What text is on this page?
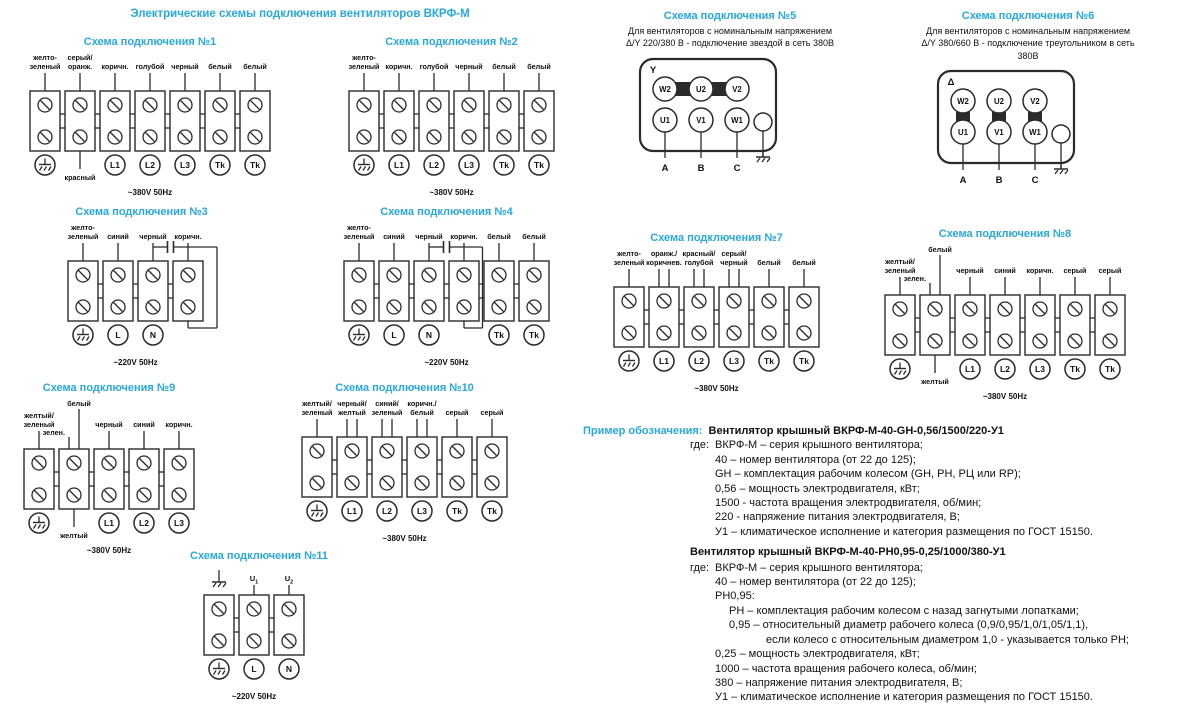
Электрические схемы подключения вентиляторов ВКРФ-М
Схема подключения №1
желто-
зеленый
серый/
оранж.
красный
коричн.
L1
голубой
L2
черный
L3
белый
Tk
белый
Tk
~380V 50Hz
Схема подключения №2
желто-
зеленый коричн.
L1
голубой
L2
черный
L3
белый
Tk
белый
Tk
~380V 50Hz
Схема подключения №3
желто-
зеленый синий
L
черный
N
коричн.
~220V 50Hz
Схема подключения №4
желто-
зеленый синий
L
черный
N
коричн. белый
Tk
белый
Tk
~220V 50Hz
Схема подключения №5
Для вентиляторов с номинальным напряжением Δ/Y 220/380 В - подключение звездой в сеть 380В
Y
W2	U2	V2
U1
A
V1
B
W1
C
Схема подключения №6
Для вентиляторов с номинальным напряжением Δ/Y 380/660 В - подключение треугольником в сеть 380В
Δ
W2	U2	V2
U1
A
V1
B
W1
C
Схема подключения №7
желто-
зеленый
оранж./
коричнев.
L1
красный/
голубой
L2
серый/
черный
L3
белый
Tk
белый
Tk
~380V 50Hz
Схема подключения №8
желтый/
зеленый
зелен.
белый
желтый
черный
L1
синий
L2
коричн.
L3
серый
Tk
серый
Tk
~380V 50Hz
Схема подключения №9
желтый/
зеленый
зелен.
белый
желтый
черный
L1
синий
L2
коричн.
L3
~380V 50Hz
Схема подключения №10
желтый/
зеленый
черный/
желтый
L1
синий/
зеленый
L2
коричн./
белый
L3
серый
Tk
серый
Tk
~380V 50Hz
Схема подключения №11
$U_1$
L
$U_2$
N
~220V 50Hz
Пример обозначения: Вентилятор крышный ВКРФ-М-40-GH-0,56/1500/220-У1
где: ВКРФ-М – серия крышного вентилятора;
40 – номер вентилятора (от 22 до 125);
GH – комплектация рабочим колесом (GH, РН, РЦ или RP);
0,56 – мощность электродвигателя, кВт;
1500 - частота вращения электродвигателя, об/мин;
220 - напряжение питания электродвигателя, В;
У1 – климатическое исполнение и категория размещения по ГОСТ 15150.
Вентилятор крышный ВКРФ-М-40-РН0,95-0,25/1000/380-У1
где: ВКРФ-М – серия крышного вентилятора;
40 – номер вентилятора (от 22 до 125);
РН0,95:
РН – комплектация рабочим колесом с назад загнутыми лопатками;
0,95 – относительный диаметр рабочего колеса (0,9/0,95/1,0/1,05/1,1),
если колесо с относительным диаметром 1,0 - указывается только РН;
0,25 – мощность электродвигателя, кВт;
1000 – частота вращения рабочего колеса, об/мин;
380 – напряжение питания электродвигателя, В;
У1 – климатическое исполнение и категория размещения по ГОСТ 15150.
